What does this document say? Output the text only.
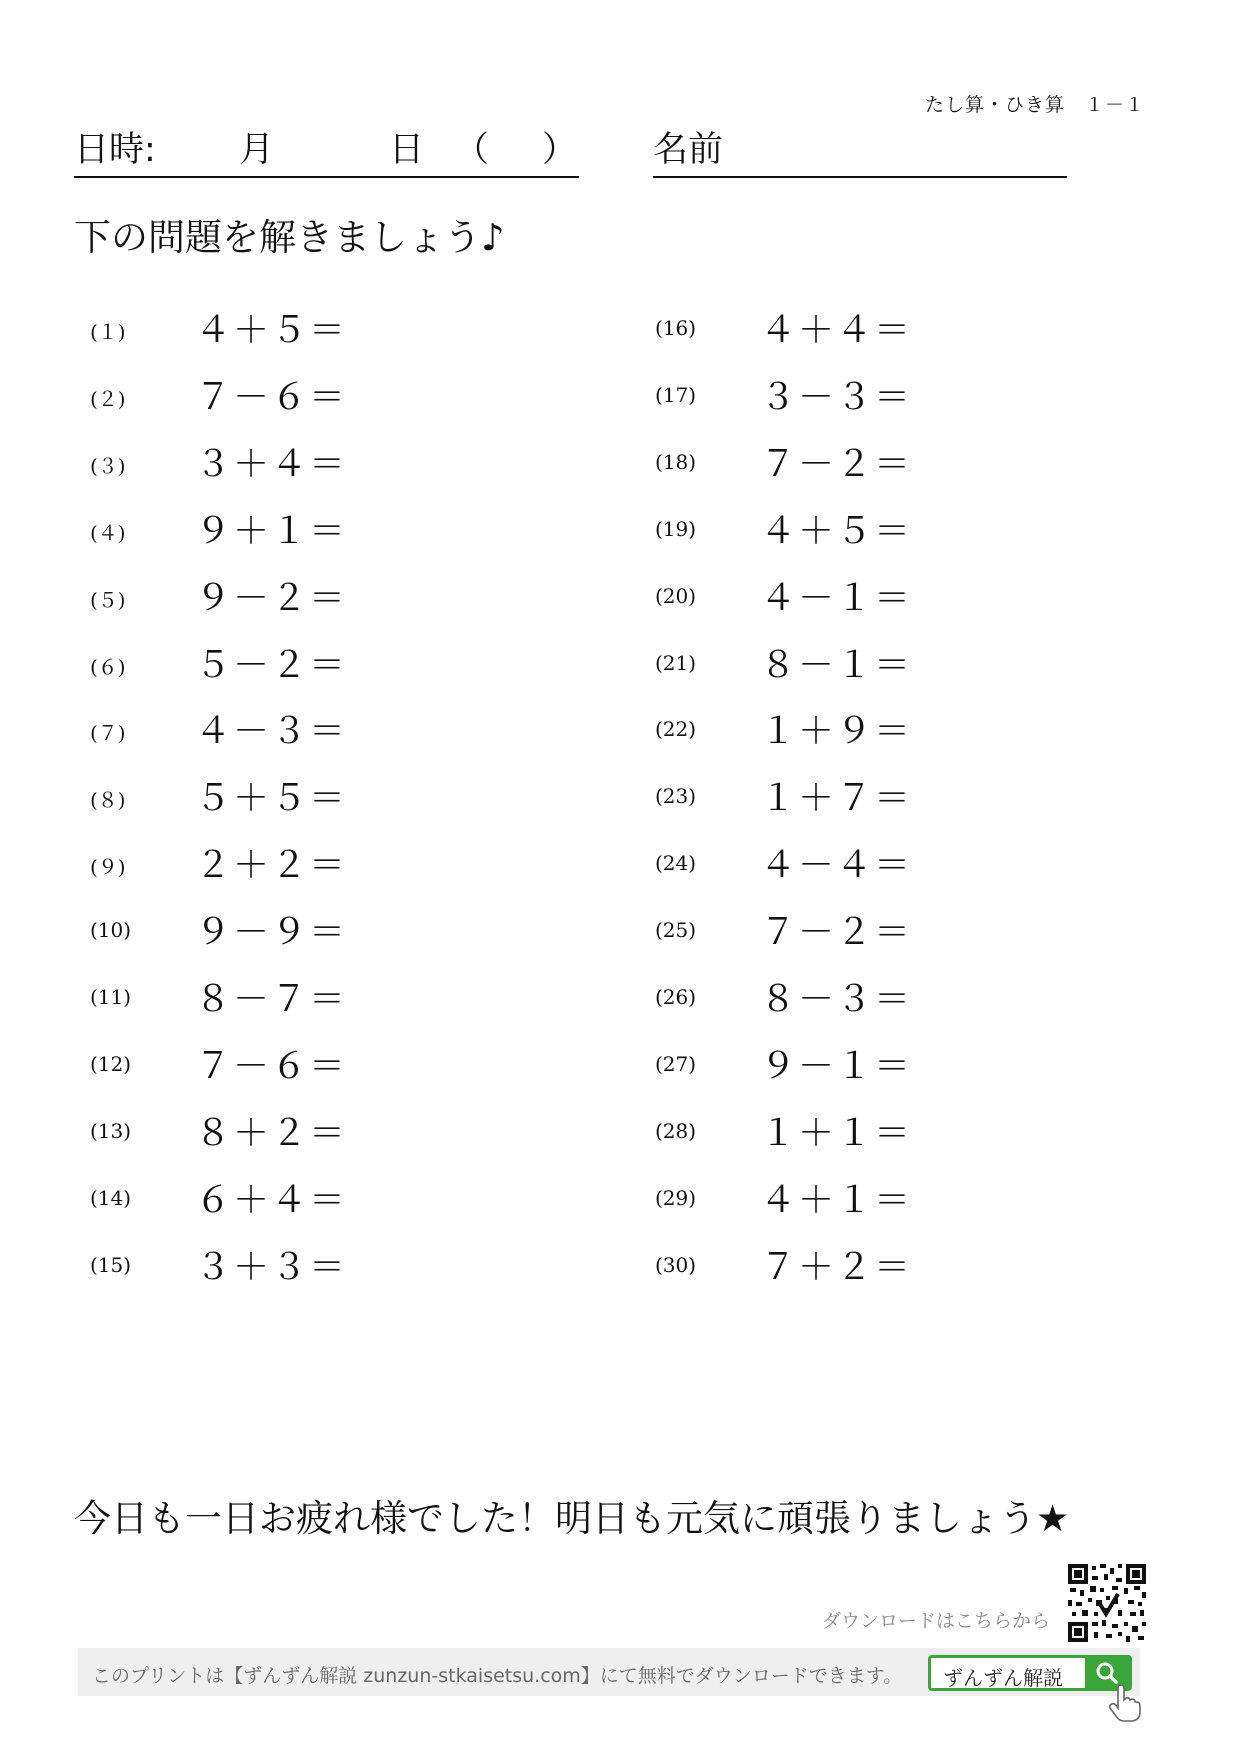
たし算・ひき算　１－１
日時: 月	日 （ ） 名前
下の問題を解きましょう♪
(１) ４＋５＝
(２) ７－６＝
(３) ３＋４＝
(４) ９＋１＝
(５) ９－２＝
(６) ５－２＝
(７) ４－３＝
(８) ５＋５＝
(９) ２＋２＝
(10) ９－９＝
(11) ８－７＝
(12) ７－６＝
(13) ８＋２＝
(14) ６＋４＝
(15) ３＋３＝
(16) ４＋４＝
(17) ３－３＝
(18) ７－２＝
(19) ４＋５＝
(20) ４－１＝
(21) ８－１＝
(22) １＋９＝
(23) １＋７＝
(24) ４－４＝
(25) ７－２＝
(26) ８－３＝
(27) ９－１＝
(28) １＋１＝
(29) ４＋１＝
(30) ７＋２＝
今日も一日お疲れ様でした！明日も元気に頑張りましょう★
ダウンロードはこちらから
このプリントは【ずんずん解説 zunzun-stkaisetsu.com】にて無料でダウンロードできます。 ずんずん解説
